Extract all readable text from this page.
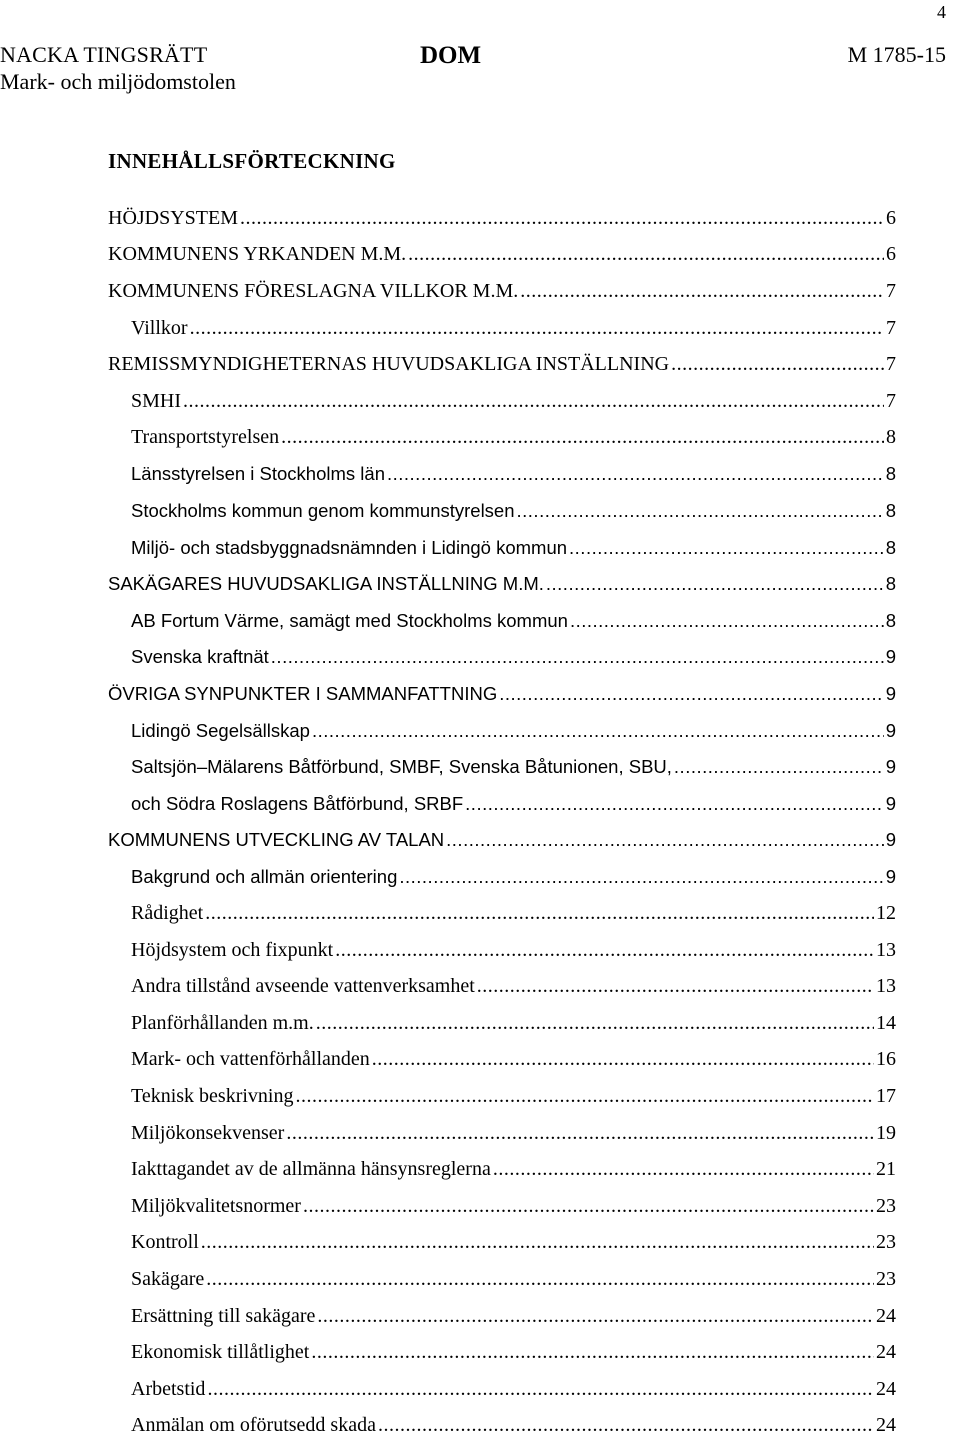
4
NACKA TINGSRÄTT
Mark- och miljödomstolen
DOM	M 1785-15
INNEHÅLLSFÖRTECKNING
HÖJDSYSTEM .....	6
KOMMUNENS YRKANDEN M.M. .....	6
KOMMUNENS FÖRESLAGNA VILLKOR M.M. .....	7
Villkor .....	7
REMISSMYNDIGHETERNAS HUVUDSAKLIGA INSTÄLLNING .....	7
SMHI .....	7
Transportstyrelsen .....	8
Länsstyrelsen i Stockholms län .....	8
Stockholms kommun genom kommunstyrelsen .....	8
Miljö- och stadsbyggnadsnämnden i Lidingö kommun .....	8
SAKÄGARES HUVUDSAKLIGA INSTÄLLNING M.M. .....	8
AB Fortum Värme, samägt med Stockholms kommun .....	8
Svenska kraftnät .....	9
ÖVRIGA SYNPUNKTER I SAMMANFATTNING .....	9
Lidingö Segelsällskap .....	9
Saltsjön–Mälarens Båtförbund, SMBF, Svenska Båtunionen, SBU, .....	9
och Södra Roslagens Båtförbund, SRBF .....	9
KOMMUNENS UTVECKLING AV TALAN .....	9
Bakgrund och allmän orientering .....	9
Rådighet .....	12
Höjdsystem och fixpunkt .....	13
Andra tillstånd avseende vattenverksamhet .....	13
Planförhållanden m.m. .....	14
Mark- och vattenförhållanden .....	16
Teknisk beskrivning .....	17
Miljökonsekvenser .....	19
Iakttagandet av de allmänna hänsynsreglerna .....	21
Miljökvalitetsnormer .....	23
Kontroll .....	23
Sakägare .....	23
Ersättning till sakägare .....	24
Ekonomisk tillåtlighet .....	24
Arbetstid .....	24
Anmälan om oförutsedd skada .....	24
